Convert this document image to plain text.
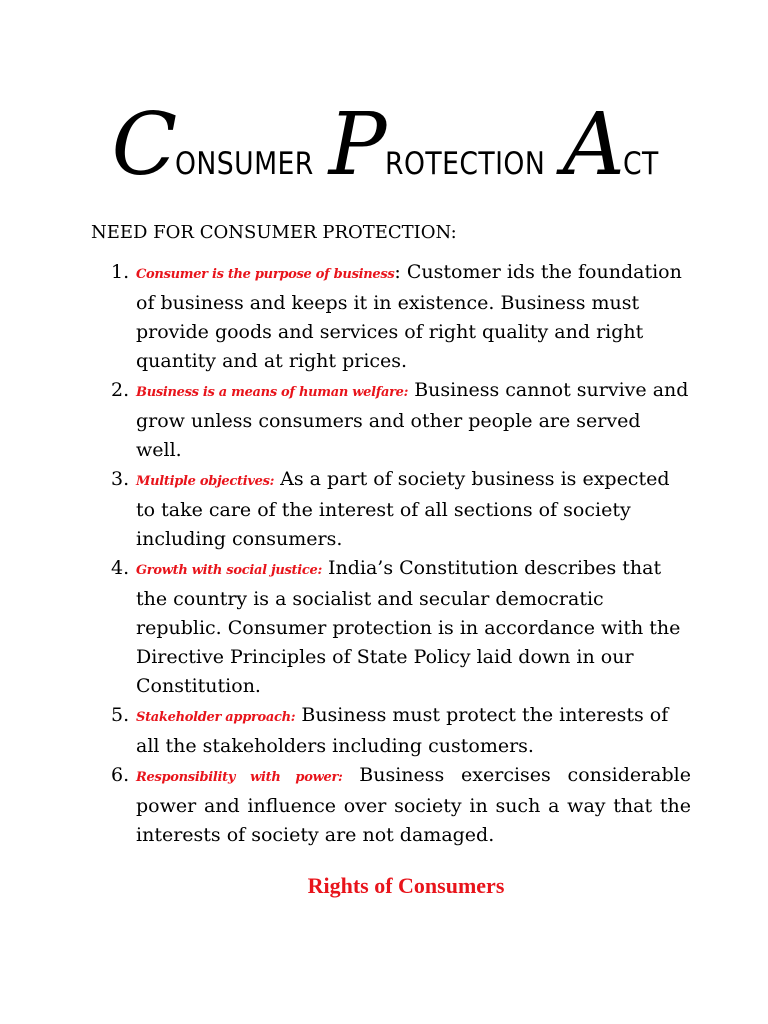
CONSUMER PROTECTION ACT
NEED FOR CONSUMER PROTECTION:
1. Consumer is the purpose of business: Customer ids the foundation of business and keeps it in existence. Business must provide goods and services of right quality and right quantity and at right prices.
2. Business is a means of human welfare: Business cannot survive and grow unless consumers and other people are served well.
3. Multiple objectives: As a part of society business is expected to take care of the interest of all sections of society including consumers.
4. Growth with social justice: India’s Constitution describes that the country is a socialist and secular democratic republic. Consumer protection is in accordance with the Directive Principles of State Policy laid down in our Constitution.
5. Stakeholder approach: Business must protect the interests of all the stakeholders including customers.
6. Responsibility with power: Business exercises considerable power and influence over society in such a way that the interests of society are not damaged.
Rights of Consumers
